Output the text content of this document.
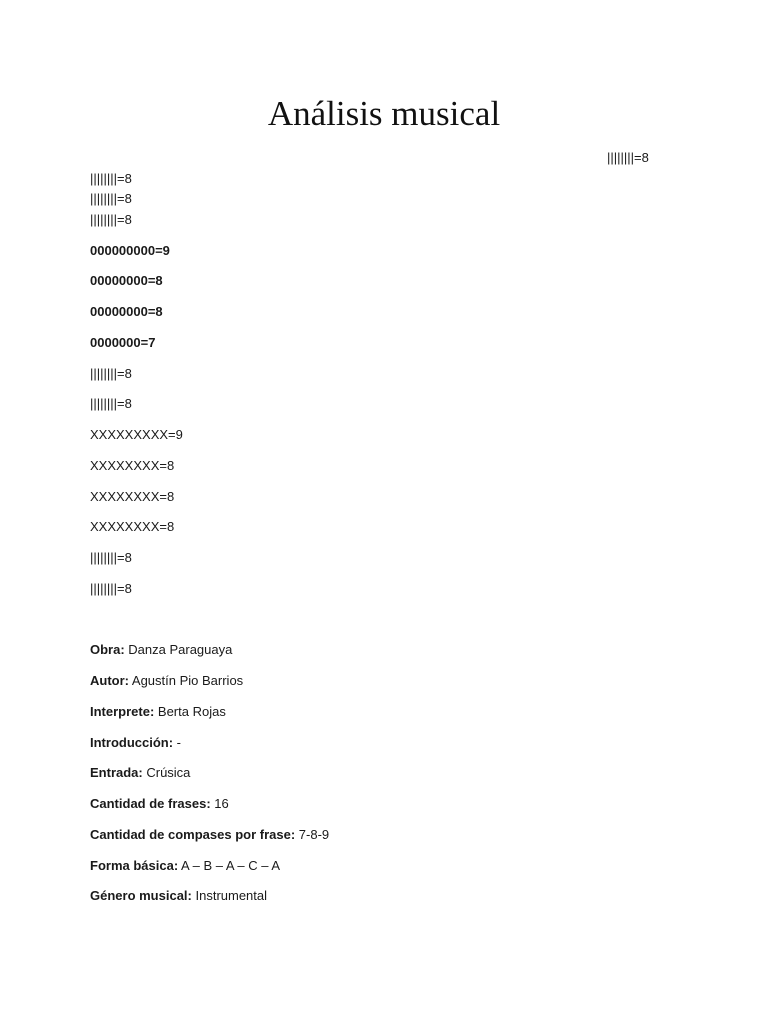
Análisis musical
||||||||=8
||||||||=8
||||||||=8
||||||||=8
000000000=9
00000000=8
00000000=8
0000000=7
||||||||=8
||||||||=8
XXXXXXXXX=9
XXXXXXXX=8
XXXXXXXX=8
XXXXXXXX=8
||||||||=8
||||||||=8
Obra: Danza Paraguaya
Autor: Agustín Pio Barrios
Interprete: Berta Rojas
Introducción: -
Entrada: Crúsica
Cantidad de frases: 16
Cantidad de compases por frase: 7-8-9
Forma básica: A – B – A – C – A
Género musical: Instrumental
